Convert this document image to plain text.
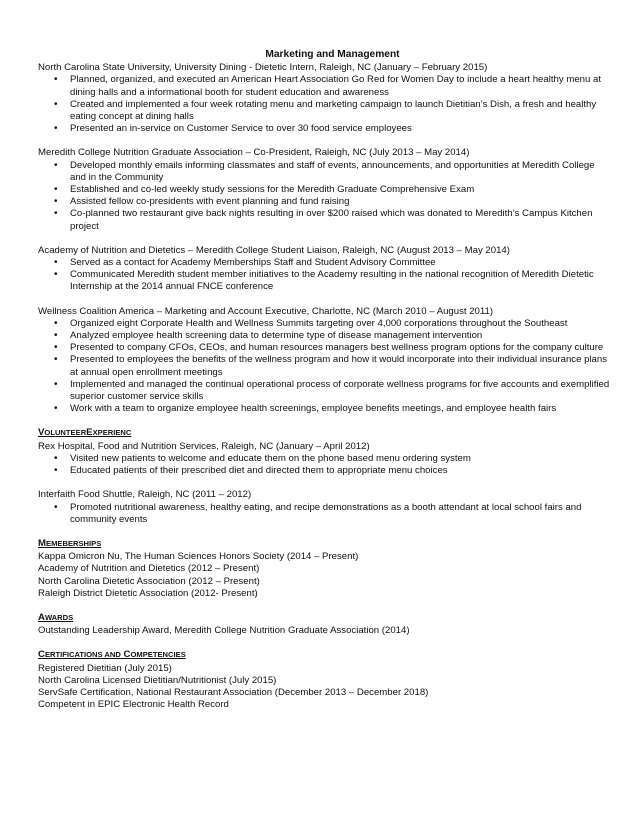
Marketing and Management
North Carolina State University, University Dining - Dietetic Intern, Raleigh, NC (January – February 2015)
• Planned, organized, and executed an American Heart Association Go Red for Women Day to include a heart healthy menu at dining halls and a informational booth for student education and awareness
• Created and implemented a four week rotating menu and marketing campaign to launch Dietitian’s Dish, a fresh and healthy eating concept at dining halls
• Presented an in-service on Customer Service to over 30 food service employees
Meredith College Nutrition Graduate Association – Co-President, Raleigh, NC (July 2013 – May 2014)
• Developed monthly emails informing classmates and staff of events, announcements, and opportunities at Meredith College and in the Community
• Established and co-led weekly study sessions for the Meredith Graduate Comprehensive Exam
• Assisted fellow co-presidents with event planning and fund raising
• Co-planned two restaurant give back nights resulting in over $200 raised which was donated to Meredith’s Campus Kitchen project
Academy of Nutrition and Dietetics – Meredith College Student Liaison, Raleigh, NC (August 2013 – May 2014)
• Served as a contact for Academy Memberships Staff and Student Advisory Committee
• Communicated Meredith student member initiatives to the Academy resulting in the national recognition of Meredith Dietetic Internship at the 2014 annual FNCE conference
Wellness Coalition America – Marketing and Account Executive, Charlotte, NC (March 2010 – August 2011)
• Organized eight Corporate Health and Wellness Summits targeting over 4,000 corporations throughout the Southeast
• Analyzed employee health screening data to determine type of disease management intervention
• Presented to company CFOs, CEOs, and human resources managers best wellness program options for the company culture
• Presented to employees the benefits of the wellness program and how it would incorporate into their individual insurance plans at annual open enrollment meetings
• Implemented and managed the continual operational process of corporate wellness programs for five accounts and exemplified superior customer service skills
• Work with a team to organize employee health screenings, employee benefits meetings, and employee health fairs
VOLUNTEEREXPERIENC
Rex Hospital, Food and Nutrition Services, Raleigh, NC (January – April 2012)
• Visited new patients to welcome and educate them on the phone based menu ordering system
• Educated patients of their prescribed diet and directed them to appropriate menu choices
Interfaith Food Shuttle, Raleigh, NC (2011 – 2012)
• Promoted nutritional awareness, healthy eating, and recipe demonstrations as a booth attendant at local school fairs and community events
MEMEBERSHIPS
Kappa Omicron Nu, The Human Sciences Honors Society (2014 – Present)
Academy of Nutrition and Dietetics (2012 – Present)
North Carolina Dietetic Association (2012 – Present)
Raleigh District Dietetic Association (2012- Present)
AWARDS
Outstanding Leadership Award, Meredith College Nutrition Graduate Association (2014)
CERTIFICATIONS AND COMPETENCIES
Registered Dietitian (July 2015)
North Carolina Licensed Dietitian/Nutritionist (July 2015)
ServSafe Certification, National Restaurant Association (December 2013 – December 2018)
Competent in EPIC Electronic Health Record
